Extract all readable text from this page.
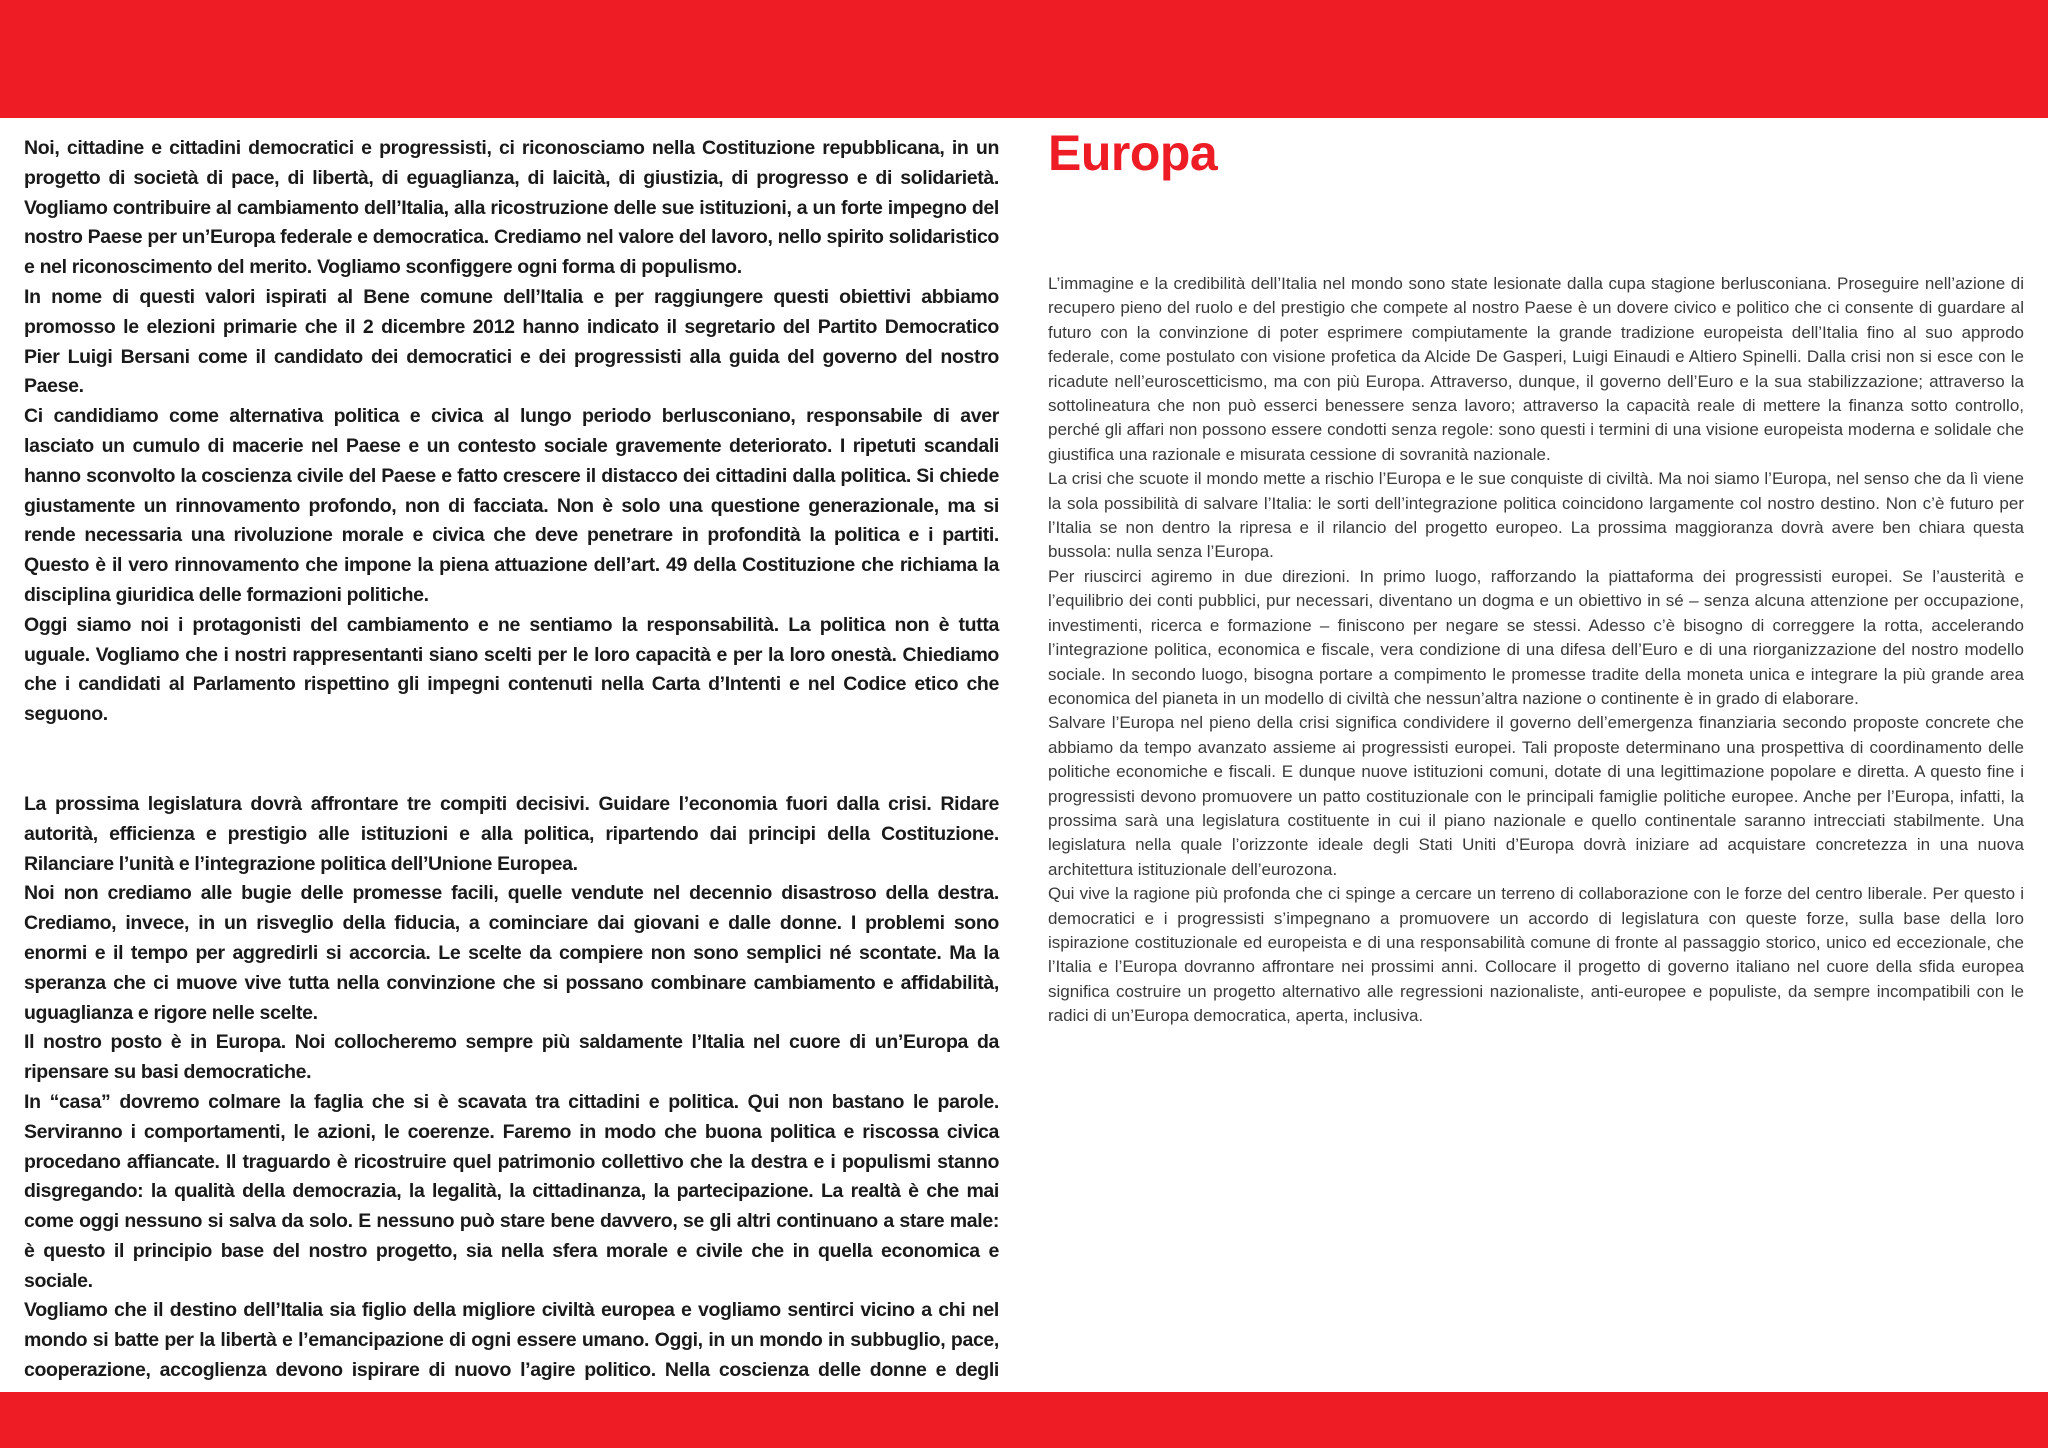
Noi, cittadine e cittadini democratici e progressisti, ci riconosciamo nella Costituzione repubblicana, in un progetto di società di pace, di libertà, di eguaglianza, di laicità, di giustizia, di progresso e di solidarietà. Vogliamo contribuire al cambiamento dell’Italia, alla ricostruzione delle sue istituzioni, a un forte impegno del nostro Paese per un’Europa federale e democratica. Crediamo nel valore del lavoro, nello spirito solidaristico e nel riconoscimento del merito. Vogliamo sconfiggere ogni forma di populismo.

In nome di questi valori ispirati al Bene comune dell’Italia e per raggiungere questi obiettivi abbiamo promosso le elezioni primarie che il 2 dicembre 2012 hanno indicato il segretario del Partito Democratico Pier Luigi Bersani come il candidato dei democratici e dei progressisti alla guida del governo del nostro Paese.

Ci candidiamo come alternativa politica e civica al lungo periodo berlusconiano, responsabile di aver lasciato un cumulo di macerie nel Paese e un contesto sociale gravemente deteriorato. I ripetuti scandali hanno sconvolto la coscienza civile del Paese e fatto crescere il distacco dei cittadini dalla politica. Si chiede giustamente un rinnovamento profondo, non di facciata. Non è solo una questione generazionale, ma si rende necessaria una rivoluzione morale e civica che deve penetrare in profondità la politica e i partiti. Questo è il vero rinnovamento che impone la piena attuazione dell’art. 49 della Costituzione che richiama la disciplina giuridica delle formazioni politiche.

Oggi siamo noi i protagonisti del cambiamento e ne sentiamo la responsabilità. La politica non è tutta uguale. Vogliamo che i nostri rappresentanti siano scelti per le loro capacità e per la loro onestà. Chiediamo che i candidati al Parlamento rispettino gli impegni contenuti nella Carta d’Intenti e nel Codice etico che seguono.

La prossima legislatura dovrà affrontare tre compiti decisivi. Guidare l’economia fuori dalla crisi. Ridare autorità, efficienza e prestigio alle istituzioni e alla politica, ripartendo dai principi della Costituzione. Rilanciare l’unità e l’integrazione politica dell’Unione Europea.

Noi non crediamo alle bugie delle promesse facili, quelle vendute nel decennio disastroso della destra. Crediamo, invece, in un risveglio della fiducia, a cominciare dai giovani e dalle donne. I problemi sono enormi e il tempo per aggredirli si accorcia. Le scelte da compiere non sono semplici né scontate. Ma la speranza che ci muove vive tutta nella convinzione che si possano combinare cambiamento e affidabilità, uguaglianza e rigore nelle scelte.

Il nostro posto è in Europa. Noi collocheremo sempre più saldamente l’Italia nel cuore di un’Europa da ripensare su basi democratiche.

In “casa” dovremo colmare la faglia che si è scavata tra cittadini e politica. Qui non bastano le parole. Serviranno i comportamenti, le azioni, le coerenze. Faremo in modo che buona politica e riscossa civica procedano affiancate. Il traguardo è ricostruire quel patrimonio collettivo che la destra e i populismi stanno disgregando: la qualità della democrazia, la legalità, la cittadinanza, la partecipazione. La realtà è che mai come oggi nessuno si salva da solo. E nessuno può stare bene davvero, se gli altri continuano a stare male: è questo il principio base del nostro progetto, sia nella sfera morale e civile che in quella economica e sociale.

Vogliamo che il destino dell’Italia sia figlio della migliore civiltà europea e vogliamo sentirci vicino a chi nel mondo si batte per la libertà e l’emancipazione di ogni essere umano. Oggi, in un mondo in subbuglio, pace, cooperazione, accoglienza devono ispirare di nuovo l’agire politico. Nella coscienza delle donne e degli

Europa

L’immagine e la credibilità dell’Italia nel mondo sono state lesionate dalla cupa stagione berlusconiana. Proseguire nell’azione di recupero pieno del ruolo e del prestigio che compete al nostro Paese è un dovere civico e politico che ci consente di guardare al futuro con la convinzione di poter esprimere compiutamente la grande tradizione europeista dell’Italia fino al suo approdo federale, come postulato con visione profetica da Alcide De Gasperi, Luigi Einaudi e Altiero Spinelli. Dalla crisi non si esce con le ricadute nell’euroscetticismo, ma con più Europa. Attraverso, dunque, il governo dell’Euro e la sua stabilizzazione; attraverso la sottolineatura che non può esserci benessere senza lavoro; attraverso la capacità reale di mettere la finanza sotto controllo, perché gli affari non possono essere condotti senza regole: sono questi i termini di una visione europeista moderna e solidale che giustifica una razionale e misurata cessione di sovranità nazionale.

La crisi che scuote il mondo mette a rischio l’Europa e le sue conquiste di civiltà. Ma noi siamo l’Europa, nel senso che da lì viene la sola possibilità di salvare l’Italia: le sorti dell’integrazione politica coincidono largamente col nostro destino. Non c’è futuro per l’Italia se non dentro la ripresa e il rilancio del progetto europeo. La prossima maggioranza dovrà avere ben chiara questa bussola: nulla senza l’Europa.

Per riuscirci agiremo in due direzioni. In primo luogo, rafforzando la piattaforma dei progressisti europei. Se l’austerità e l’equilibrio dei conti pubblici, pur necessari, diventano un dogma e un obiettivo in sé – senza alcuna attenzione per occupazione, investimenti, ricerca e formazione – finiscono per negare se stessi. Adesso c’è bisogno di correggere la rotta, accelerando l’integrazione politica, economica e fiscale, vera condizione di una difesa dell’Euro e di una riorganizzazione del nostro modello sociale. In secondo luogo, bisogna portare a compimento le promesse tradite della moneta unica e integrare la più grande area economica del pianeta in un modello di civiltà che nessun’altra nazione o continente è in grado di elaborare.

Salvare l’Europa nel pieno della crisi significa condividere il governo dell’emergenza finanziaria secondo proposte concrete che abbiamo da tempo avanzato assieme ai progressisti europei. Tali proposte determinano una prospettiva di coordinamento delle politiche economiche e fiscali. E dunque nuove istituzioni comuni, dotate di una legittimazione popolare e diretta. A questo fine i progressisti devono promuovere un patto costituzionale con le principali famiglie politiche europee. Anche per l’Europa, infatti, la prossima sarà una legislatura costituente in cui il piano nazionale e quello continentale saranno intrecciati stabilmente. Una legislatura nella quale l’orizzonte ideale degli Stati Uniti d’Europa dovrà iniziare ad acquistare concretezza in una nuova architettura istituzionale dell’eurozona.

Qui vive la ragione più profonda che ci spinge a cercare un terreno di collaborazione con le forze del centro liberale. Per questo i democratici e i progressisti s’impegnano a promuovere un accordo di legislatura con queste forze, sulla base della loro ispirazione costituzionale ed europeista e di una responsabilità comune di fronte al passaggio storico, unico ed eccezionale, che l’Italia e l’Europa dovranno affrontare nei prossimi anni. Collocare il progetto di governo italiano nel cuore della sfida europea significa costruire un progetto alternativo alle regressioni nazionaliste, anti-europee e populiste, da sempre incompatibili con le radici di un’Europa democratica, aperta, inclusiva.
